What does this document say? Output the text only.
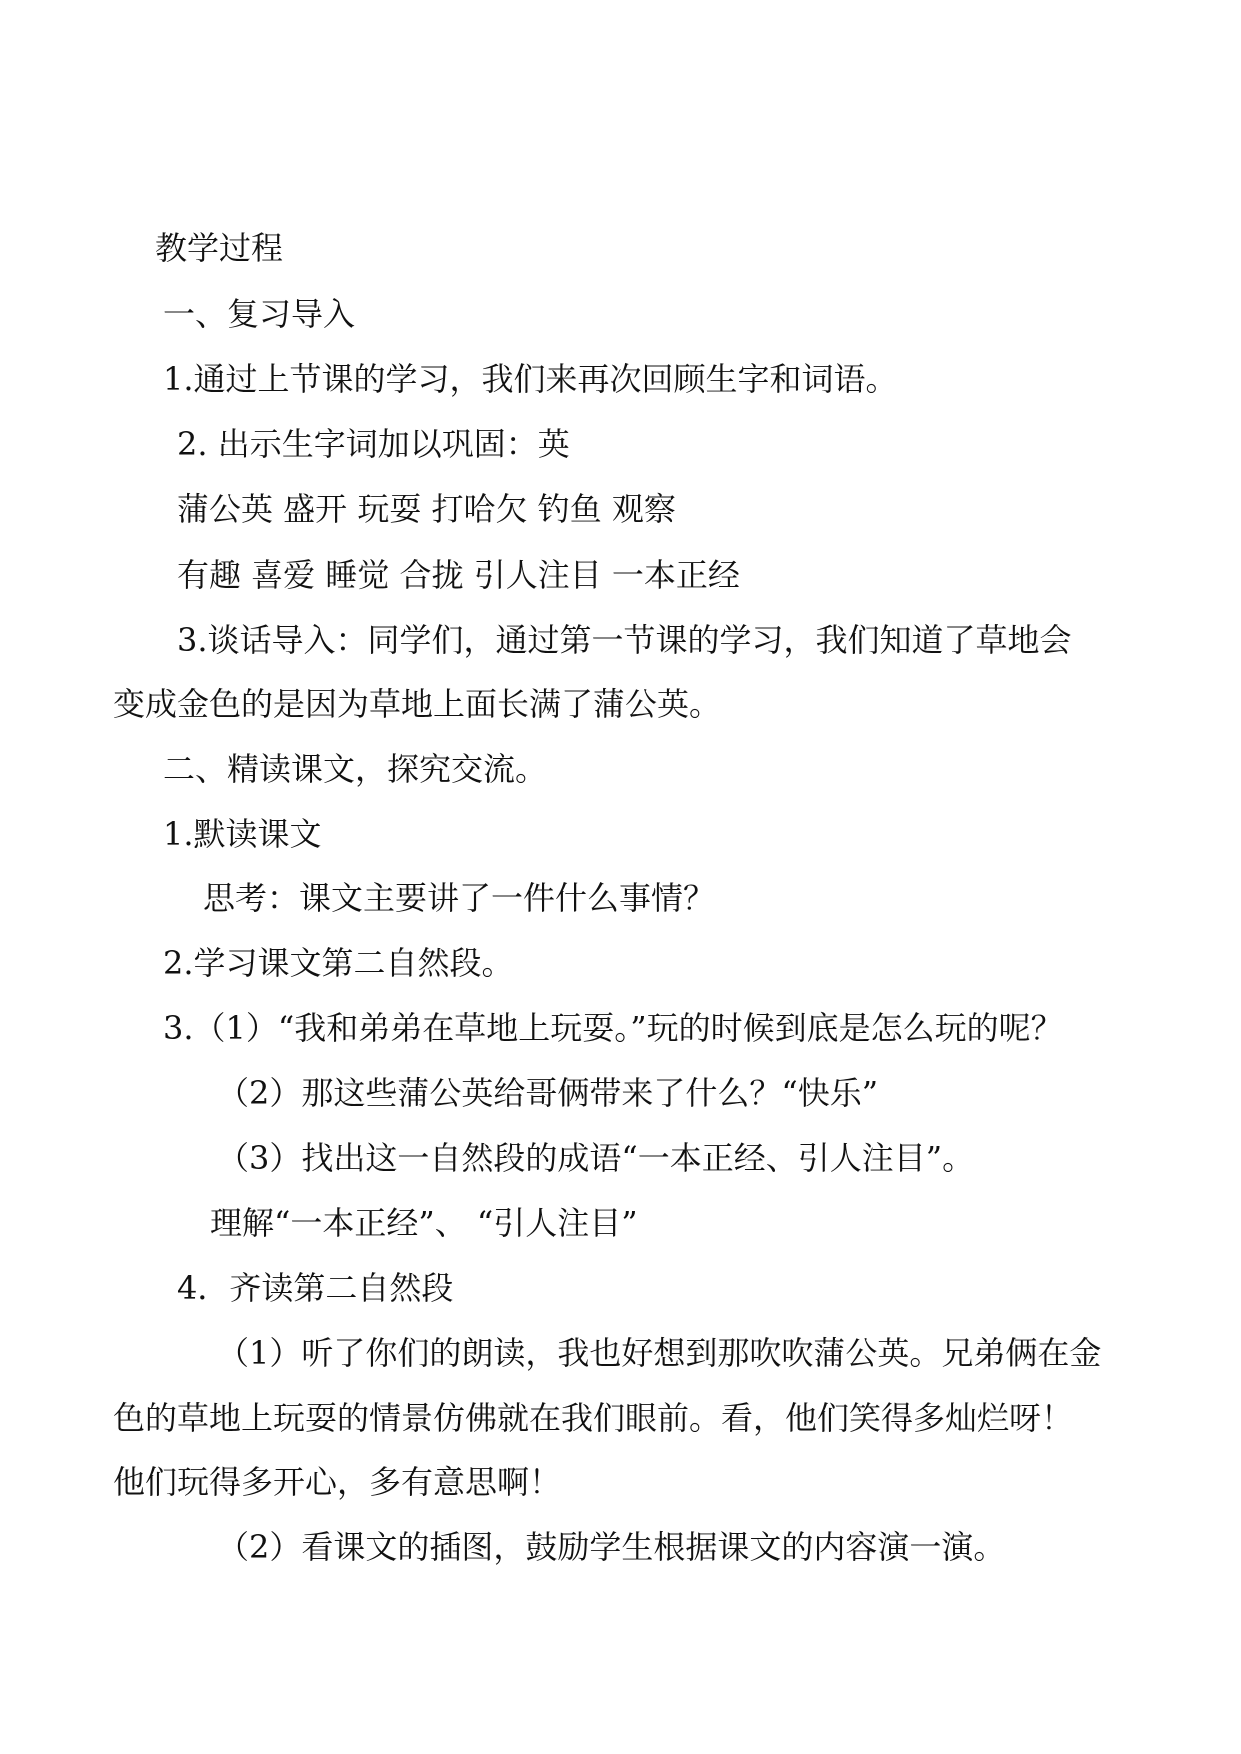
教学过程
一、复习导入
1.通过上节课的学习，我们来再次回顾生字和词语。
2. 出示生字词加以巩固：英
蒲公英 盛开 玩耍 打哈欠 钓鱼 观察
有趣 喜爱 睡觉 合拢 引人注目 一本正经
3.谈话导入：同学们，通过第一节课的学习，我们知道了草地会
变成金色的是因为草地上面长满了蒲公英。
二、精读课文，探究交流。
1.默读课文
思考：课文主要讲了一件什么事情？
2.学习课文第二自然段。
3.（1）“我和弟弟在草地上玩耍。”玩的时候到底是怎么玩的呢？
（2）那这些蒲公英给哥俩带来了什么？“快乐”
（3）找出这一自然段的成语“一本正经、引人注目”。
理解“一本正经”、 “引人注目”
4．齐读第二自然段
（1）听了你们的朗读，我也好想到那吹吹蒲公英。兄弟俩在金
色的草地上玩耍的情景仿佛就在我们眼前。看，他们笑得多灿烂呀！
他们玩得多开心，多有意思啊！
（2）看课文的插图，鼓励学生根据课文的内容演一演。
